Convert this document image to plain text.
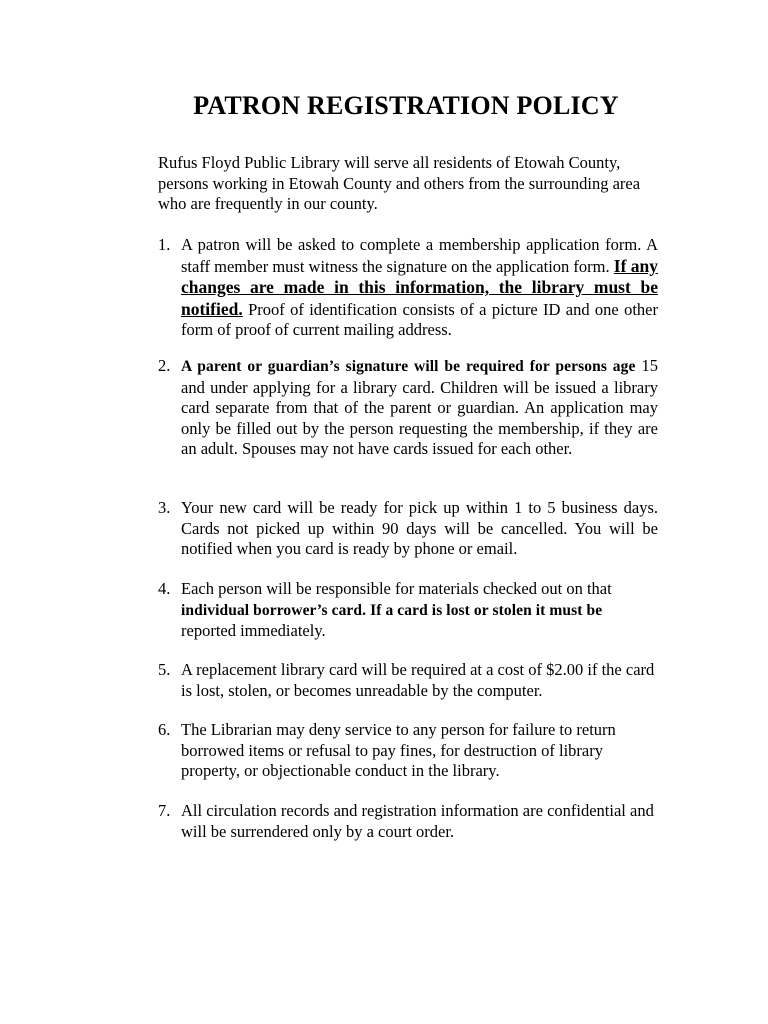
PATRON REGISTRATION POLICY

Rufus Floyd Public Library will serve all residents of Etowah County, persons working in Etowah County and others from the surrounding area who are frequently in our county.

1. A patron will be asked to complete a membership application form. A staff member must witness the signature on the application form. If any changes are made in this information, the library must be notified. Proof of identification consists of a picture ID and one other form of proof of current mailing address.
2. A parent or guardian’s signature will be required for persons age 15 and under applying for a library card. Children will be issued a library card separate from that of the parent or guardian. An application may only be filled out by the person requesting the membership, if they are an adult. Spouses may not have cards issued for each other.
3. Your new card will be ready for pick up within 1 to 5 business days. Cards not picked up within 90 days will be cancelled. You will be notified when you card is ready by phone or email.
4. Each person will be responsible for materials checked out on that individual borrower’s card. If a card is lost or stolen it must be reported immediately.
5. A replacement library card will be required at a cost of $2.00 if the card is lost, stolen, or becomes unreadable by the computer.
6. The Librarian may deny service to any person for failure to return borrowed items or refusal to pay fines, for destruction of library property, or objectionable conduct in the library.
7. All circulation records and registration information are confidential and will be surrendered only by a court order.
